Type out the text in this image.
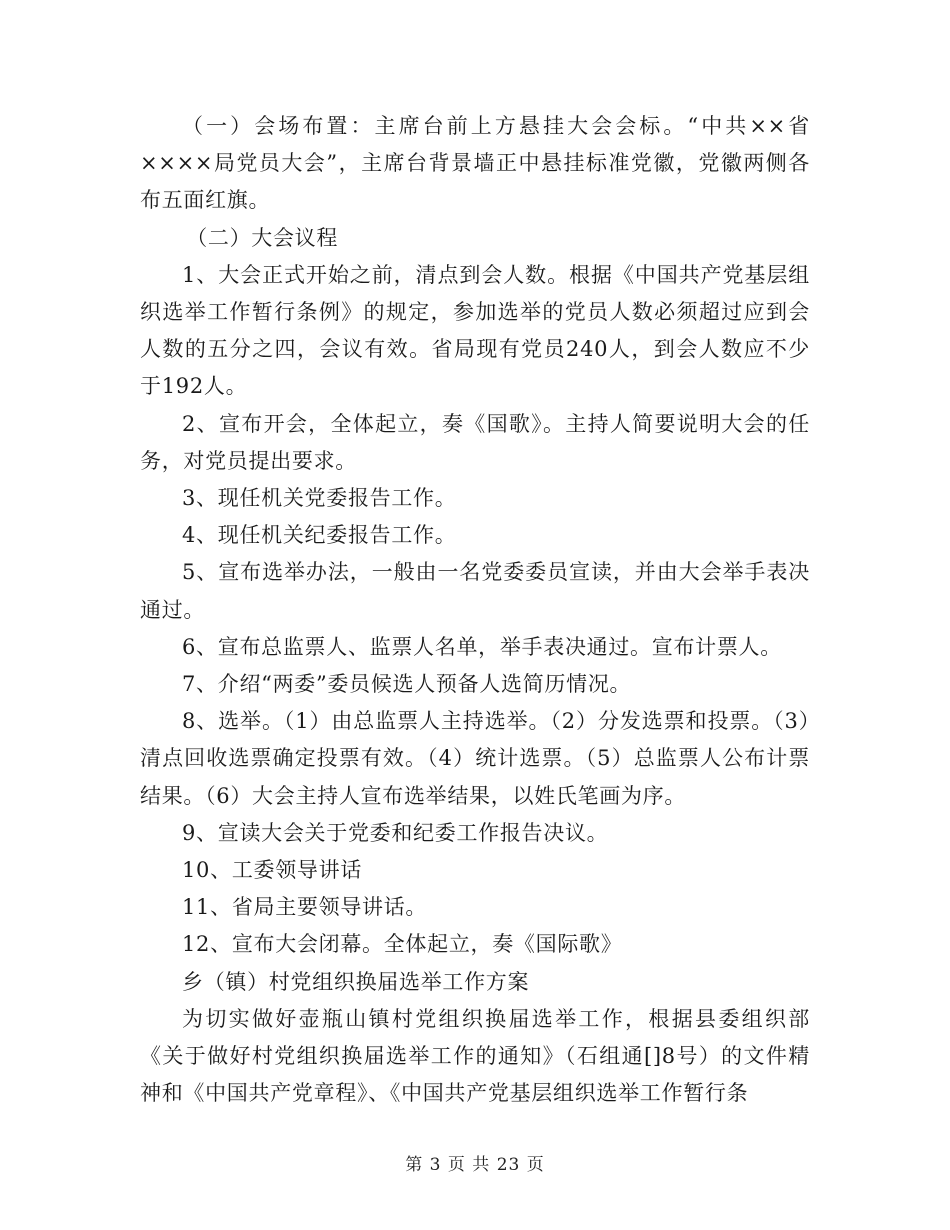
（一）会场布置：主席台前上方悬挂大会会标。“中共××省××××局党员大会”，主席台背景墙正中悬挂标准党徽，党徽两侧各布五面红旗。

（二）大会议程

1、大会正式开始之前，清点到会人数。根据《中国共产党基层组织选举工作暂行条例》的规定，参加选举的党员人数必须超过应到会人数的五分之四，会议有效。省局现有党员240人，到会人数应不少于192人。

2、宣布开会，全体起立，奏《国歌》。主持人简要说明大会的任务，对党员提出要求。

3、现任机关党委报告工作。

4、现任机关纪委报告工作。

5、宣布选举办法，一般由一名党委委员宣读，并由大会举手表决通过。

6、宣布总监票人、监票人名单，举手表决通过。宣布计票人。

7、介绍“两委”委员候选人预备人选简历情况。

8、选举。（1）由总监票人主持选举。（2）分发选票和投票。（3）清点回收选票确定投票有效。（4）统计选票。（5）总监票人公布计票结果。（6）大会主持人宣布选举结果，以姓氏笔画为序。

9、宣读大会关于党委和纪委工作报告决议。

10、工委领导讲话

11、省局主要领导讲话。

12、宣布大会闭幕。全体起立，奏《国际歌》

乡（镇）村党组织换届选举工作方案

为切实做好壶瓶山镇村党组织换届选举工作，根据县委组织部《关于做好村党组织换届选举工作的通知》（石组通[]8号）的文件精神和《中国共产党章程》、《中国共产党基层组织选举工作暂行条

第 3 页 共 23 页
